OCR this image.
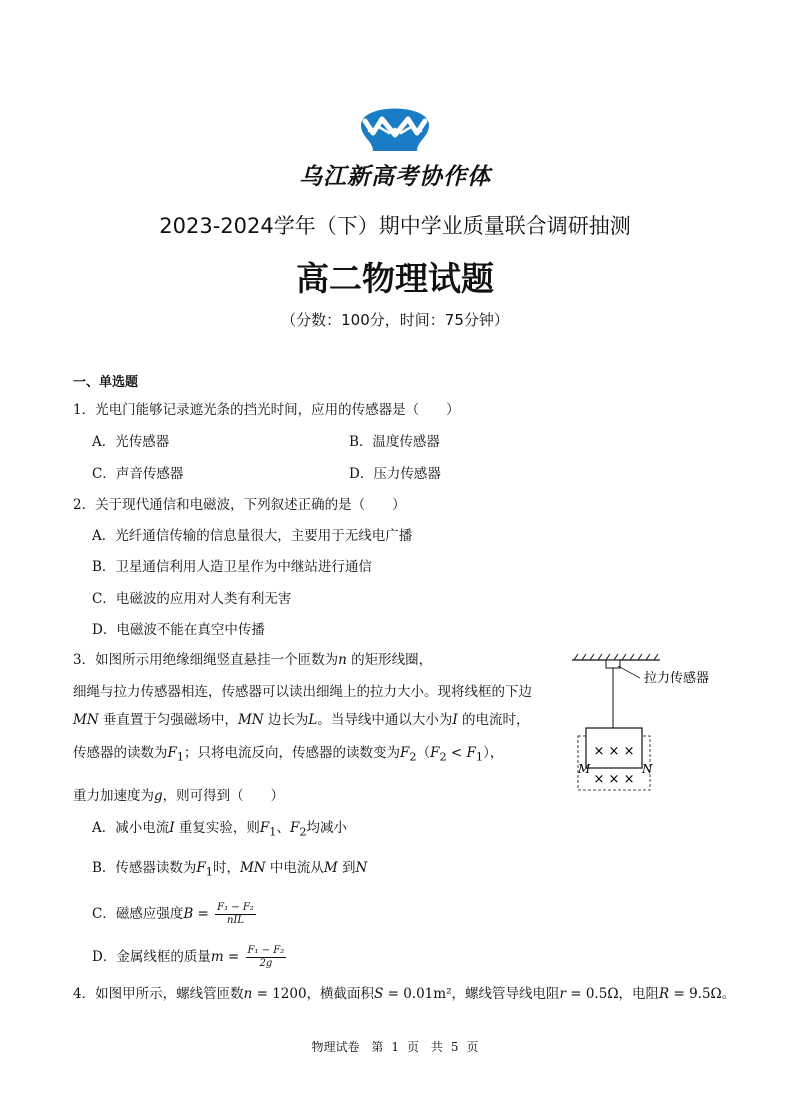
乌江新高考协作体
2023-2024学年（下）期中学业质量联合调研抽测
高二物理试题
（分数：100分，时间：75分钟）
一、单选题
1．光电门能够记录遮光条的挡光时间，应用的传感器是（　　）
A．光传感器	B．温度传感器
C．声音传感器	D．压力传感器
2．关于现代通信和电磁波，下列叙述正确的是（　　）
A．光纤通信传输的信息量很大，主要用于无线电广播
B．卫星通信利用人造卫星作为中继站进行通信
C．电磁波的应用对人类有利无害
D．电磁波不能在真空中传播
3．如图所示用绝缘细绳竖直悬挂一个匝数为n 的矩形线圈，
细绳与拉力传感器相连，传感器可以读出细绳上的拉力大小。现将线框的下边
MN 垂直置于匀强磁场中，MN 边长为L。当导线中通以大小为I 的电流时，
传感器的读数为$F_1$；只将电流反向，传感器的读数变为$F_2(F_2 < F_1)$，
重力加速度为g，则可得到（　　）
A．减小电流I 重复实验，则$F_1$、$F_2$均减小
B．传感器读数为$F_1$时，MN 中电流从M 到N
C．磁感应强度$B = \frac{\text{F₁ − F₂}}{\text{nIL}}$
D．金属线框的质量$m = \frac{\text{F₁ − F₂}}{2g}$
拉力传感器
× × ×
× × ×
M	N
4．如图甲所示，螺线管匝数n = 1200，横截面积S = 0.01m²，螺线管导线电阻r = 0.5Ω，电阻R = 9.5Ω。
物理试卷 第 1 页 共 5 页
